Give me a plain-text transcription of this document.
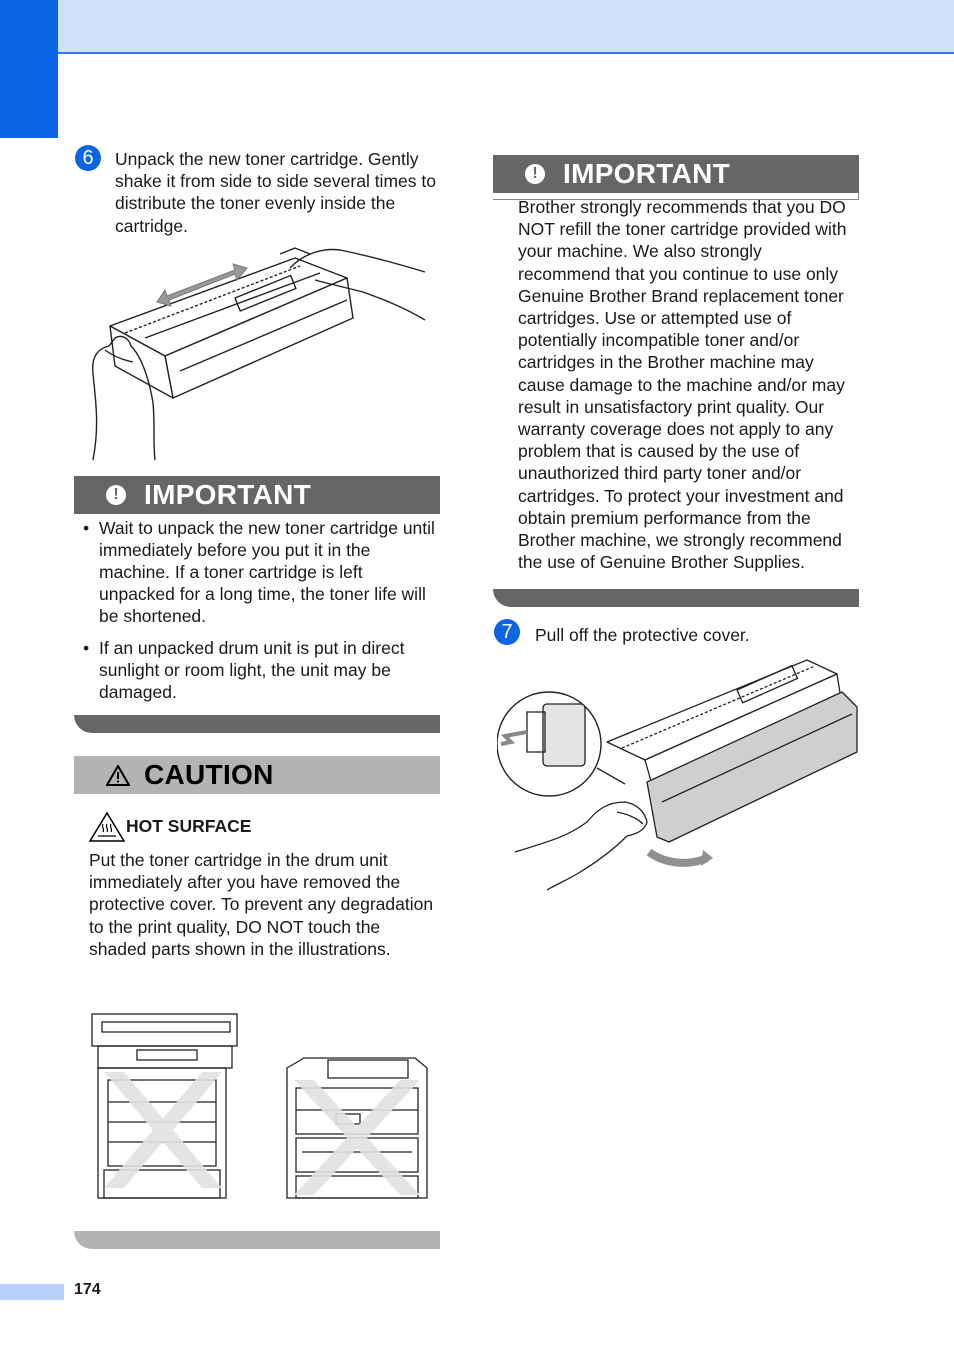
6	Unpack the new toner cartridge. Gently shake it from side to side several times to distribute the toner evenly inside the cartridge.
! IMPORTANT
• Wait to unpack the new toner cartridge until immediately before you put it in the machine. If a toner cartridge is left unpacked for a long time, the toner life will be shortened.
• If an unpacked drum unit is put in direct sunlight or room light, the unit may be damaged.
CAUTION
HOT SURFACE
Put the toner cartridge in the drum unit immediately after you have removed the protective cover. To prevent any degradation to the print quality, DO NOT touch the shaded parts shown in the illustrations.
! IMPORTANT
Brother strongly recommends that you DO NOT refill the toner cartridge provided with your machine. We also strongly recommend that you continue to use only Genuine Brother Brand replacement toner cartridges. Use or attempted use of potentially incompatible toner and/or cartridges in the Brother machine may cause damage to the machine and/or may result in unsatisfactory print quality. Our warranty coverage does not apply to any problem that is caused by the use of unauthorized third party toner and/or cartridges. To protect your investment and obtain premium performance from the Brother machine, we strongly recommend the use of Genuine Brother Supplies.
7	Pull off the protective cover.
174
